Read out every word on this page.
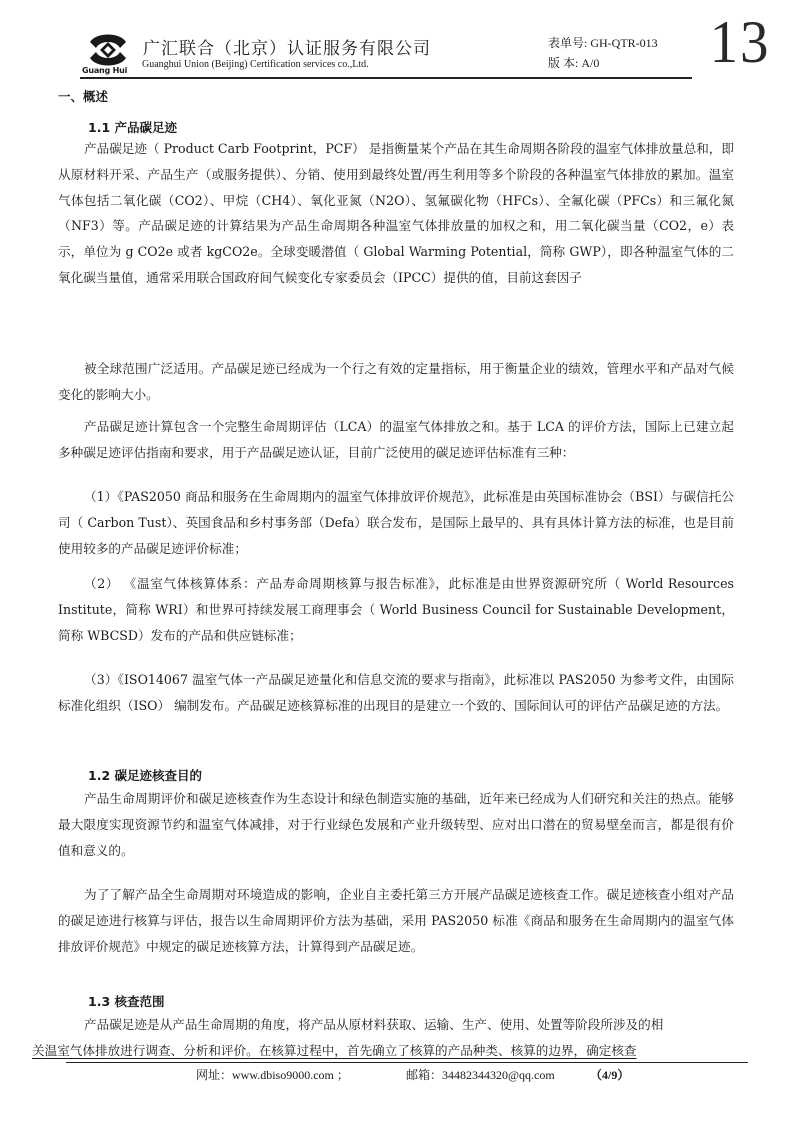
Guang Hui
广汇联合（北京）认证服务有限公司
Guanghui Union (Beijing) Certification services co.,Ltd.
表单号: GH-QTR-013
版 本: A/0 13
一、概述
1.1 产品碳足迹
产品碳足迹（ Product Carb Footprint，PCF） 是指衡量某个产品在其生命周期各阶段的温室气体排放量总和，即从原材料开采、产品生产（或服务提供）、分销、使用到最终处置/再生利用等多个阶段的各种温室气体排放的累加。温室气体包括二氧化碳（CO2）、甲烷（CH4）、氧化亚氮（N2O）、氢氟碳化物（HFCs）、全氟化碳（PFCs）和三氟化氮（NF3）等。产品碳足迹的计算结果为产品生命周期各种温室气体排放量的加权之和，用二氧化碳当量（CO2，e）表示，单位为 g CO2e 或者 kgCO2e。全球变暖潜值（ Global Warming Potential，简称 GWP），即各种温室气体的二氧化碳当量值，通常采用联合国政府间气候变化专家委员会（IPCC）提供的值，目前这套因子
被全球范围广泛适用。产品碳足迹已经成为一个行之有效的定量指标，用于衡量企业的绩效，管理水平和产品对气候变化的影响大小。
产品碳足迹计算包含一个完整生命周期评估（LCA）的温室气体排放之和。基于 LCA 的评价方法，国际上已建立起多种碳足迹评估指南和要求，用于产品碳足迹认证，目前广泛使用的碳足迹评估标准有三种：
（1）《PAS2050 商品和服务在生命周期内的温室气体排放评价规范》，此标准是由英国标准协会（BSI）与碳信托公司（ Carbon Tust）、英国食品和乡村事务部（Defa）联合发布，是国际上最早的、具有具体计算方法的标准，也是目前使用较多的产品碳足迹评价标准；
（2） 《温室气体核算体系：产品寿命周期核算与报告标准》，此标准是由世界资源研究所（ World Resources Institute，简称 WRI）和世界可持续发展工商理事会（ World Business Council for Sustainable Development，简称 WBCSD）发布的产品和供应链标准；
（3）《ISO14067 温室气体一产品碳足迹量化和信息交流的要求与指南》，此标准以 PAS2050 为参考文件，由国际标准化组织（ISO） 编制发布。产品碳足迹核算标准的出现目的是建立一个致的、国际间认可的评估产品碳足迹的方法。
1.2 碳足迹核查目的
产品生命周期评价和碳足迹核查作为生态设计和绿色制造实施的基础，近年来已经成为人们研究和关注的热点。能够最大限度实现资源节约和温室气体减排，对于行业绿色发展和产业升级转型、应对出口潜在的贸易壁垒而言，都是很有价值和意义的。
为了了解产品全生命周期对环境造成的影响，企业自主委托第三方开展产品碳足迹核查工作。碳足迹核查小组对产品的碳足迹进行核算与评估，报告以生命周期评价方法为基础，采用 PAS2050 标准《商品和服务在生命周期内的温室气体排放评价规范》中规定的碳足迹核算方法，计算得到产品碳足迹。
1.3 核查范围
产品碳足迹是从产品生命周期的角度，将产品从原材料获取、运输、生产、使用、处置等阶段所涉及的相
关温室气体排放进行调查、分析和评价。在核算过程中，首先确立了核算的产品种类、核算的边界，确定核查
网址：www.dbiso9000.com ；	邮箱：34482344320@qq.com	（4/9）
